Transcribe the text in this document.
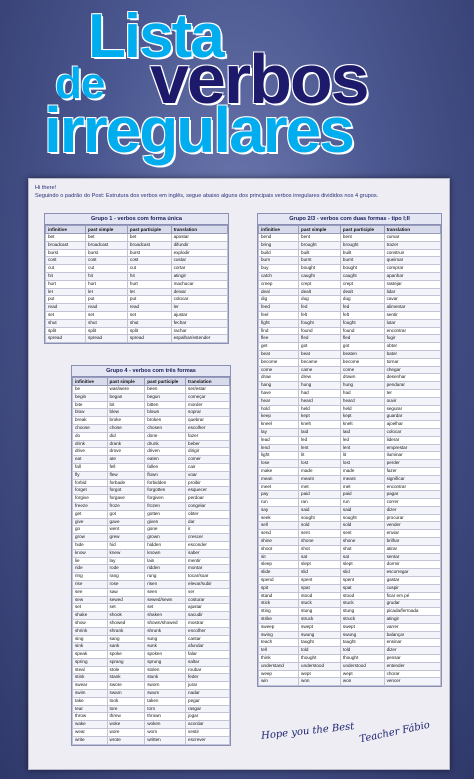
Lista
de verbos
irregulares
Hi there!
Seguindo o padrão do Post: Estrutura dos verbos em inglês, segue abaixo alguns dos principais verbos irregulares divididos nos 4 grupos.
Grupo 1 - verbos com forma única
infinitive	past simple	past participle	translation
bet	bet	bet	apostar
broadcast	broadcast	broadcast	difundir
burst	burst	burst	explodir
cost	cost	cost	custar
cut	cut	cut	cortar
hit	hit	hit	atingir
hurt	hurt	hurt	machucar
let	let	let	deixar
put	put	put	colocar
read	read	read	ler
set	set	set	ajustar
shut	shut	shut	fechar
split	split	split	rachar
spread	spread	spread	espalhar/estender
Grupo 4 - verbos com três formas
infinitive	past simple	past participle	translation
be	was/were	been	ser/estar
begin	began	begun	começar
bite	bit	bitten	morder
blow	blew	blown	soprar
break	broke	broken	quebrar
choose	chose	chosen	escolher
do	did	done	fazer
drink	drank	drunk	beber
drive	drove	driven	dirigir
eat	ate	eaten	comer
fall	fell	fallen	cair
fly	flew	flown	voar
forbid	forbade	forbidden	proibir
forget	forgot	forgotten	esquecer
forgive	forgave	forgiven	perdoar
freeze	froze	frozen	congelar
get	got	gotten	obter
give	gave	given	dar
go	went	gone	ir
grow	grew	grown	crescer
hide	hid	hidden	esconder
know	knew	known	saber
lie	lay	lain	mentir
ride	rode	ridden	montar
ring	rang	rung	tocar/soar
rise	rose	risen	elevar/subir
see	saw	seen	ver
sew	sewed	sewed/sewn	costurar
set	set	set	ajustar
shake	shook	shaken	sacudir
show	showed	shown/showed	mostrar
shrink	shrank	shrunk	encolher
sing	sang	sung	cantar
sink	sank	sunk	afundar
speak	spoke	spoken	falar
spring	sprang	sprung	saltar
steal	stole	stolen	roubar
stink	stank	stunk	feder
swear	swore	sworn	jurar
swim	swam	swum	nadar
take	took	taken	pegar
tear	tore	torn	rasgar
throw	threw	thrown	jogar
wake	woke	woken	acordar
wear	wore	worn	vestir
write	wrote	written	escrever
Grupo 2/3 - verbos com duas formas - tipo I;II
infinitive	past simple	past participle	translation
bend	bent	bent	curvar
bring	brought	brought	trazer
build	built	built	construir
burn	burnt	burnt	queimar
buy	bought	bought	comprar
catch	caught	caught	apanhar
creep	crept	crept	rastejar
deal	dealt	dealt	lidar
dig	dug	dug	cavar
feed	fed	fed	alimentar
feel	felt	felt	sentir
fight	fought	fought	lutar
find	found	found	encontrar
flee	fled	fled	fugir
get	got	got	obter
beat	beat	beaten	bater
become	became	become	tornar
come	came	come	chegar
draw	drew	drawn	desenhar
hang	hung	hung	pendurar
have	had	had	ter
hear	heard	heard	ouvir
hold	held	held	segurar
keep	kept	kept	guardar
kneel	knelt	knelt	ajoelhar
lay	laid	laid	colocar
lead	led	led	liderar
lend	lent	lent	emprestar
light	lit	lit	iluminar
lose	lost	lost	perder
make	made	made	fazer
mean	meant	meant	significar
meet	met	met	encontrar
pay	paid	paid	pagar
run	ran	run	correr
say	said	said	dizer
seek	sought	sought	procurar
sell	sold	sold	vender
send	sent	sent	enviar
shine	shone	shone	brilhar
shoot	shot	shot	atirar
sit	sat	sat	sentar
sleep	slept	slept	dormir
slide	slid	slid	escorregar
spend	spent	spent	gastar
spit	spat	spat	cuspir
stand	stood	stood	ficar em pé
stick	stuck	stuck	grudar
sting	stung	stung	picada/ferroada
strike	struck	struck	atingir
sweep	swept	swept	varrer
swing	swung	swung	balançar
teach	taught	taught	ensinar
tell	told	told	dizer
think	thought	thought	pensar
understand	understood	understood	entender
weep	wept	wept	chorar
win	won	won	vencer
Hope you the Best Teacher Fábio
